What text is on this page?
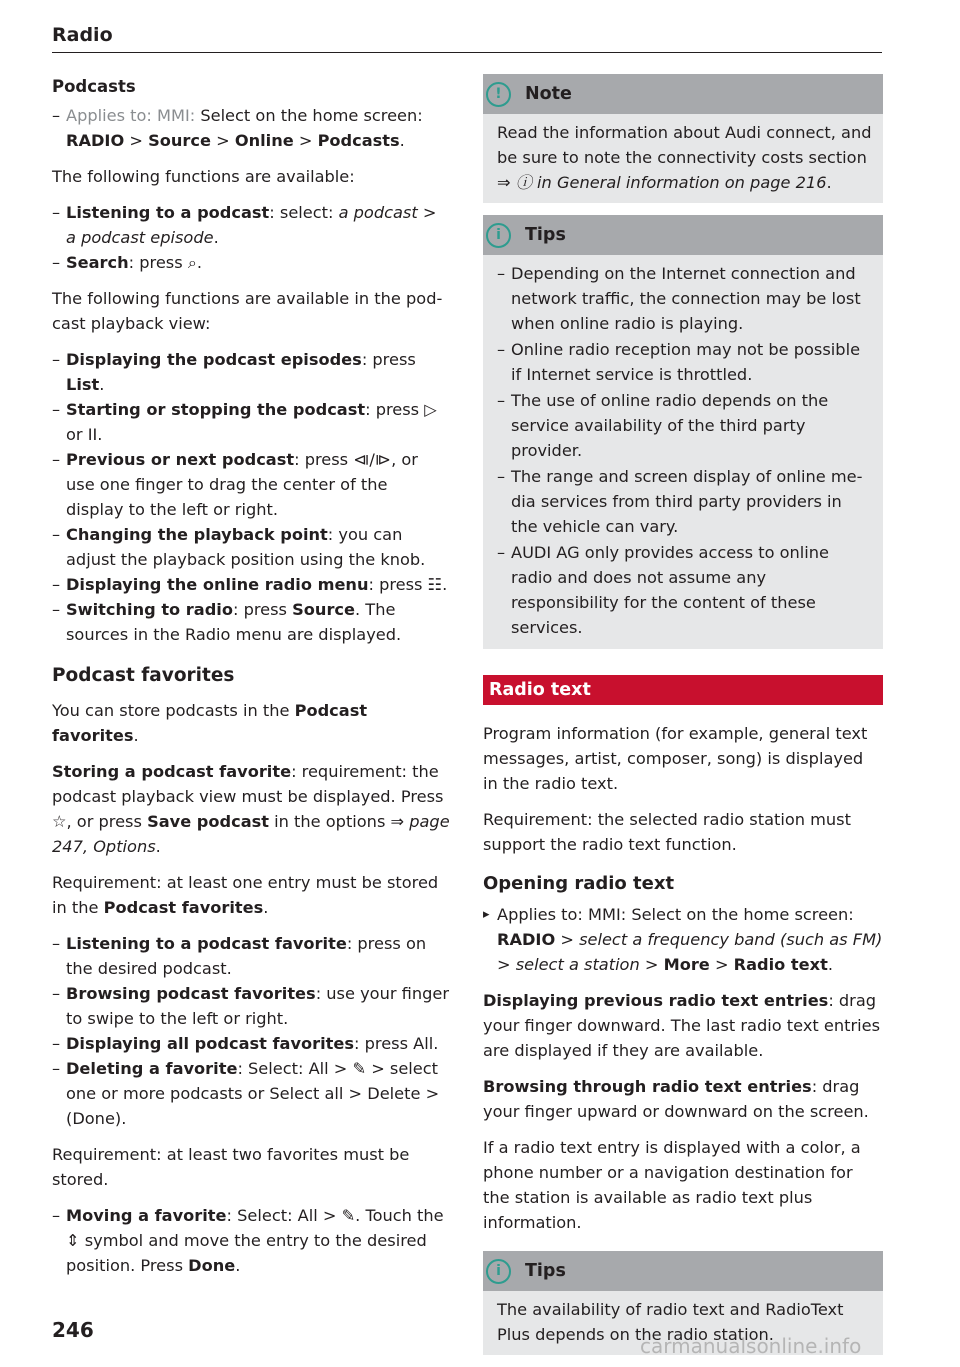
Radio
Podcasts
– Applies to: MMI: Select on the home screen:
RADIO > Source > Online > Podcasts.

The following functions are available:

– Listening to a podcast: select: a podcast > a podcast episode.
– Search: press ⌕.

The following functions are available in the podcast playback view:

– Displaying the podcast episodes: press List.
– Starting or stopping the podcast: press ▷ or II.
– Previous or next podcast: press ⧏/⧐, or use one finger to drag the center of the display to the left or right.
– Changing the playback point: you can adjust the playback position using the knob.
– Displaying the online radio menu: press ☷.
– Switching to radio: press Source. The sources in the Radio menu are displayed.
Podcast favorites

You can store podcasts in the Podcast favorites.

Storing a podcast favorite: requirement: the podcast playback view must be displayed. Press ☆, or press Save podcast in the options ⇒ page 247, Options.

Requirement: at least one entry must be stored in the Podcast favorites.

– Listening to a podcast favorite: press on the desired podcast.
– Browsing podcast favorites: use your finger to swipe to the left or right.
– Displaying all podcast favorites: press All.
– Deleting a favorite: Select: All > ✎ > select one or more podcasts or Select all > Delete > (Done).

Requirement: at least two favorites must be stored.

– Moving a favorite: Select: All > ✎. Touch the ⇕ symbol and move the entry to the desired position. Press Done.
!	Note
Read the information about Audi connect, and be sure to note the connectivity costs section ⇒ ⓘ in General information on page 216.
i	Tips
– Depending on the Internet connection and network traffic, the connection may be lost when online radio is playing.
– Online radio reception may not be possible if Internet service is throttled.
– The use of online radio depends on the service availability of the third party provider.
– The range and screen display of online media services from third party providers in the vehicle can vary.
– AUDI AG only provides access to online radio and does not assume any responsibility for the content of these services.
Radio text

Program information (for example, general text messages, artist, composer, song) is displayed in the radio text.

Requirement: the selected radio station must support the radio text function.

Opening radio text
▸ Applies to: MMI: Select on the home screen: RADIO > select a frequency band (such as FM) > select a station > More > Radio text.

Displaying previous radio text entries: drag your finger downward. The last radio text entries are displayed if they are available.

Browsing through radio text entries: drag your finger upward or downward on the screen.

If a radio text entry is displayed with a color, a phone number or a navigation destination for the station is available as radio text plus information.

i	Tips
The availability of radio text and RadioText Plus depends on the radio station.
246
carmanualsonline.info
